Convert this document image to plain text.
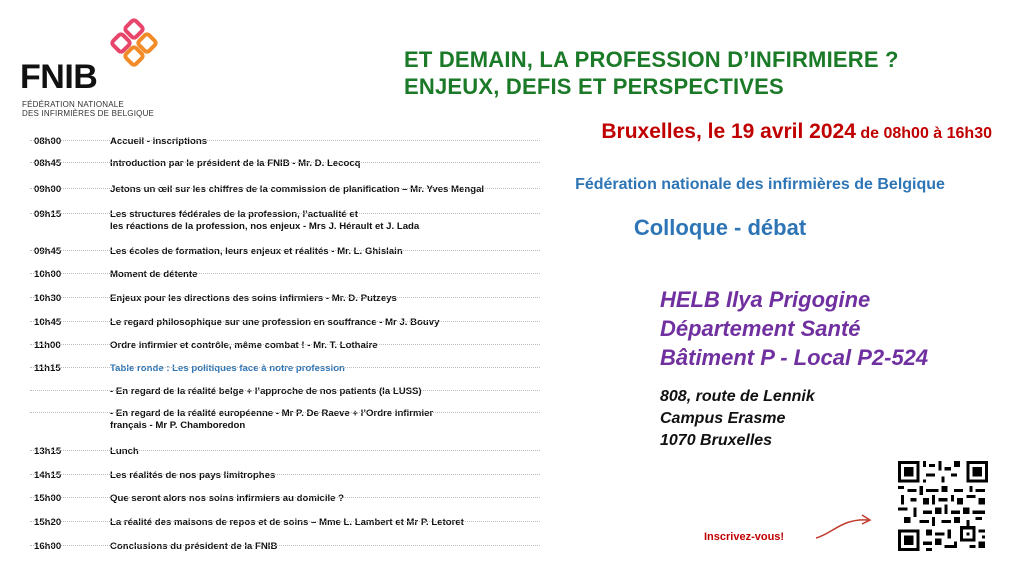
FNIB
FÉDÉRATION NATIONALE
DES INFIRMIÈRES DE BELGIQUE
ET DEMAIN, LA PROFESSION D’INFIRMIERE ?
ENJEUX, DEFIS ET PERSPECTIVES
Bruxelles, le 19 avril 2024 de 08h00 à 16h30
Fédération nationale des infirmières de Belgique
Colloque - débat
HELB Ilya Prigogine
Département Santé
Bâtiment P - Local P2-524
808, route de Lennik
Campus Erasme
1070 Bruxelles
08h00	Accueil - inscriptions
08h45	Introduction par le président de la FNIB - Mr. D. Lecocq
09h00	Jetons un œil sur les chiffres de la commission de planification – Mr. Yves Mengal
09h15	Les structures fédérales de la profession, l’actualité et
les réactions de la profession, nos enjeux - Mrs J. Hérault et J. Lada
09h45	Les écoles de formation, leurs enjeux et réalités - Mr. L. Ghislain
10h00	Moment de détente
10h30	Enjeux pour les directions des soins infirmiers - Mr. D. Putzeys
10h45	Le regard philosophique sur une profession en souffrance - Mr J. Bouvy
11h00	Ordre infirmier et contrôle, même combat ! - Mr. T. Lothaire
11h15	Table ronde : Les politiques face à notre profession
- En regard de la réalité belge + l’approche de nos patients (la LUSS)
- En regard de la réalité européenne - Mr P. De Raeve + l’Ordre infirmier
français - Mr P. Chamboredon
13h15	Lunch
14h15	Les réalités de nos pays limitrophes
15h00	Que seront alors nos soins infirmiers au domicile ?
15h20	La réalité des maisons de repos et de soins – Mme L. Lambert et Mr P. Letoret
16h00	Conclusions du président de la FNIB
Inscrivez-vous!
